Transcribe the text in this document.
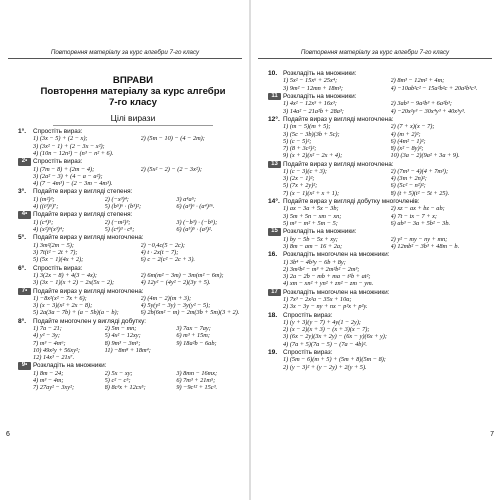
Повторення матеріалу за курс алгебри 7-го класу
ВПРАВИ
Повторення матеріалу за курс алгебри
7-го класу
Цілі вирази
1°.	Спростіть вираз:
1) (3x − 5) + (2 − x);	2) (5m − 10) − (4 − 2m);
3) (3x² − 1) + (2 − 3x − x²);
4) (10n − 12n²) − (n³ − n² + 6).
2• Спростіть вираз:
1) (7m − 8) + (2m − 4);	2) (5x² − 2) − (2 − 3x²);
3) (2a² − 3) + (4 − a − a²);
4) (7 − 4m³) − (2 − 3m − 4m³).
3°.	Подайте вираз у вигляді степеня:
1) (m²)³;	2) (−x³)⁴;	3) a⁴a⁵;
4) ((t³)⁵)⁷;	5) (b⁵)⁶ · (b³)²;	6) (a³)⁶ · (a⁴)¹⁶.
4• Подайте вираз у вигляді степеня:
1) (c⁴)⁵;	2) (−m²)³;	3) (−b³) · (−b⁵);
4) (x²)⁵(x³)⁴;	5) (c⁴)³ · c⁸;	6) (a⁵)⁵ · (a³)².
5°.	Подайте вираз у вигляді многочлена:
1) 3m²(2m − 5);	2) −0,4c(5 − 2c);
3) 7t(t² − 2t + 7);	4) t · 2x(t − 7);
5) (5x − 1)(4x + 2);	6) c − 2(c² − 2c + 3).
6°.	Спростіть вираз:
1) 3(2x − 8) + 4(3 − 4x);	2) 6m(m² − 3m) − 3m(m² − 6m);
3) (3x − 1)(x + 2) − 2x(5x − 2);	4) 12y² − (4y² − 2)(3y + 5).
7• Подайте вираз у вигляді многочлена:
1) −8x²(x² − 7x + 6);	2) (4m − 2)(m + 3);
3) (x − 3)(x² + 2x − 8);	4) 5y(y² − 3y) − 3y(y² − 5);
5) 2a(3a − 7b) + (a − 5b)(a − b);	6) 2b(6m² − m) − 2m(3b + 5m)(3 + 2).
8°.	Подайте многочлен у вигляді добутку:
1) 7a − 21;	2) 5m − mn;	3) 7ax − 7ay;
4) y² − 3y;	5) 4x² − 12xy;	6) m³ + 15m;
7) m³ − 4m⁶;	8) 9m³ − 3m⁵;	9) 18a²b − 6ab;
10) 49x²y + 56xy²;	11) −8m⁸ + 18m⁴;
12) 14x³ − 21x⁷.
9• Розкладіть на множники:
1) 8m − 24;	2) 5x − xy;	3) 8mn − 16mx;
4) m³ − 4m;	5) c² − c⁵;	6) 7m³ + 21m⁵;
7) 27ay² − 3xy²;	8) 8c³x + 12cx⁵;	9) −9c¹² + 15c³.
6
Повторення матеріалу за курс алгебри 7-го класу
10. Розкладіть на множники:
1) 5x² − 15x⁶ + 25x⁴;	2) 8m³ − 12m² + 4m;
3) 9m² − 12mn + 18m³;	4) −10ab²c² − 15a²b²c + 20a²b³c³.
11 Розкладіть на множники:
1) 4x² − 12x⁵ + 16x³;	2) 3ab³ − 9a²b³ + 6a²b³;
3) 14a² − 21a²b + 28a³;	4) −20x²y³ − 30x⁴y³ + 40x³y³.
12°. Подайте вираз у вигляді многочлена:
1) (m − 5)(m + 5);	2) (7 + x)(x − 7);
3) (5c − 3b)(3b + 5c);	4) (m + 2)²;
5) (c − 5)²;	6) (4m² − 1)²;
7) (8 + 3c²)²;	8) (x² − 8y)²;
9) (x + 2)(x² − 2x + 4);	10) (3a − 2)(9a² + 3a + 9).
13 Подайте вираз у вигляді многочлена:
1) (c − 3)(c + 3);	2) (7m³ − 4)(4 + 7m³);
3) (2x − 1)²;	4) (3m + 2n)²;
5) (7x + 2y)²;	6) (5c² − n²)²;
7) (x − 1)(x² + x + 1);	8) (t + 5)(t² − 5t + 25).
14°. Подайте вираз у вигляді добутку многочленів:
1) ax − 3a + 5x − 3b;	2) xz − ax + bz − ab;
3) 5m + 5n − xm − xn;	4) 7t − tx − 7 + x;
5) m³ − m² + 5m − 5;	6) ab³ − 3a + 5b² − 3b.
15 Розкладіть на множники:
1) by − 5b − 5x + xy;	2) y² − my − ny + mn;
3) 8m − am − 16 + 2a;	4) 12mb² − 3b³ + 48m − b.
16. Розкладіть многочлен на множники:
1) 3b⁴ − 4b³y − 6b + 8y;
2) 3m²b² − m³ + 2m²b² − 2m³;
3) 2a − 2b − mb + ma − t²b + at²;
4) xm − xn² + yn² + zn² − zm − ym.
17 Розкладіть многочлен на множники:
1) 7x³ − 2x²a − 35x + 10a;
2) 3x − 3y − ny + nx − p²x + p²y.
18. Спростіть вираз:
1) (y + 3)(y − 7) + 4y(1 − 2y);
2) (x − 2)(x + 3) − (x + 3)(x − 7);
3) (6x − 2y)(3x + 2y) − (6x − y)(6x + y);
4) (7a + 5)(7a − 5) − (7a − 4b)².
19. Спростіть вираз:
1) (5m − 6)(m + 5) + (5m + 8)(5m − 8);
2) (y − 3)² + (y − 2y) + 2(y + 5).
7
